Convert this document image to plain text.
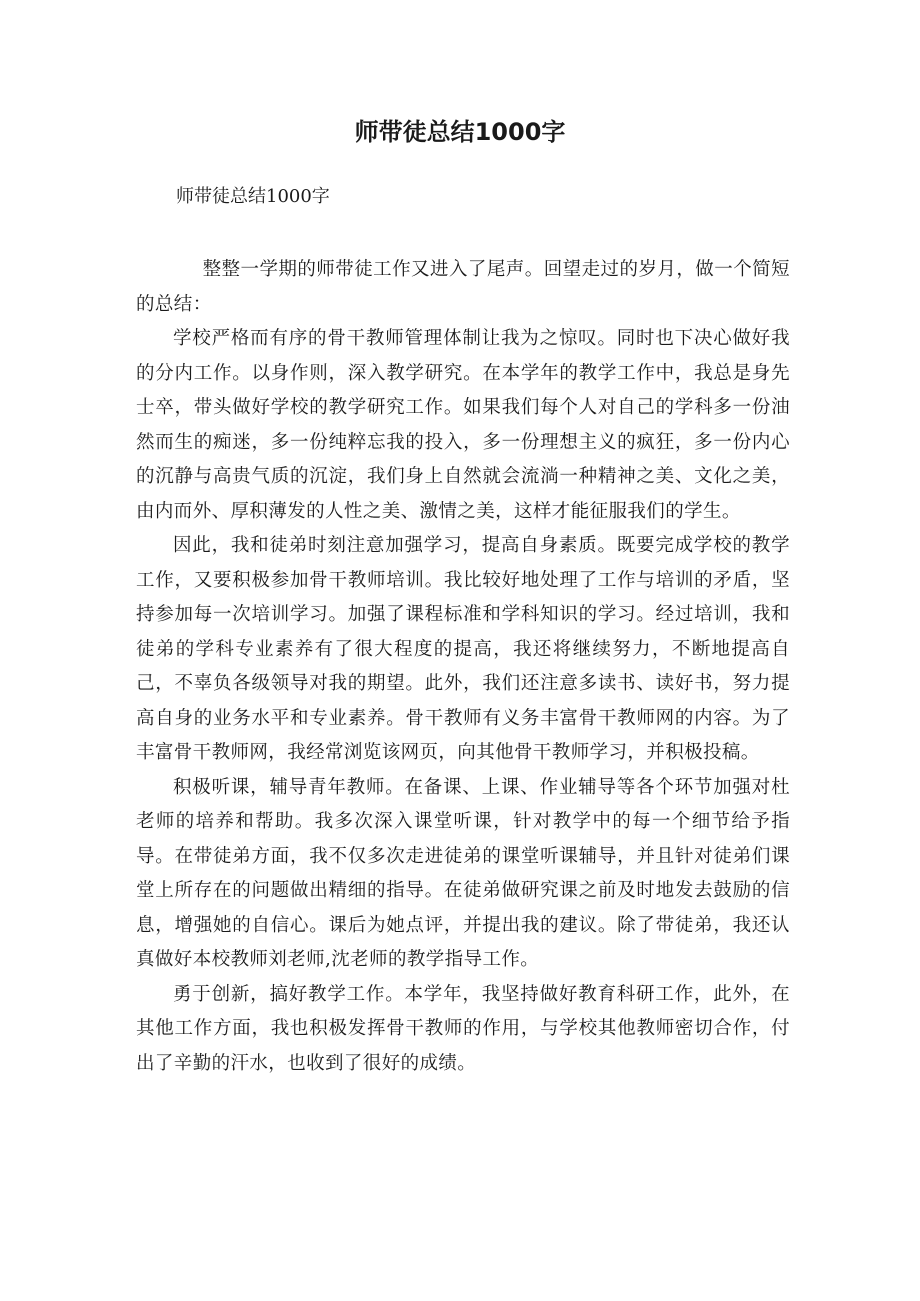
师带徒总结1000字

师带徒总结1000字

整整一学期的师带徒工作又进入了尾声。回望走过的岁月，做一个简短的总结：

学校严格而有序的骨干教师管理体制让我为之惊叹。同时也下决心做好我的分内工作。以身作则，深入教学研究。在本学年的教学工作中，我总是身先士卒，带头做好学校的教学研究工作。如果我们每个人对自己的学科多一份油然而生的痴迷，多一份纯粹忘我的投入，多一份理想主义的疯狂，多一份内心的沉静与高贵气质的沉淀，我们身上自然就会流淌一种精神之美、文化之美，由内而外、厚积薄发的人性之美、激情之美，这样才能征服我们的学生。

因此，我和徒弟时刻注意加强学习，提高自身素质。既要完成学校的教学工作，又要积极参加骨干教师培训。我比较好地处理了工作与培训的矛盾，坚持参加每一次培训学习。加强了课程标准和学科知识的学习。经过培训，我和徒弟的学科专业素养有了很大程度的提高，我还将继续努力，不断地提高自己，不辜负各级领导对我的期望。此外，我们还注意多读书、读好书，努力提高自身的业务水平和专业素养。骨干教师有义务丰富骨干教师网的内容。为了丰富骨干教师网，我经常浏览该网页，向其他骨干教师学习，并积极投稿。

积极听课，辅导青年教师。在备课、上课、作业辅导等各个环节加强对杜老师的培养和帮助。我多次深入课堂听课，针对教学中的每一个细节给予指导。在带徒弟方面，我不仅多次走进徒弟的课堂听课辅导，并且针对徒弟们课堂上所存在的问题做出精细的指导。在徒弟做研究课之前及时地发去鼓励的信息，增强她的自信心。课后为她点评，并提出我的建议。除了带徒弟，我还认真做好本校教师刘老师,沈老师的教学指导工作。

勇于创新，搞好教学工作。本学年，我坚持做好教育科研工作，此外，在其他工作方面，我也积极发挥骨干教师的作用，与学校其他教师密切合作，付出了辛勤的汗水，也收到了很好的成绩。
